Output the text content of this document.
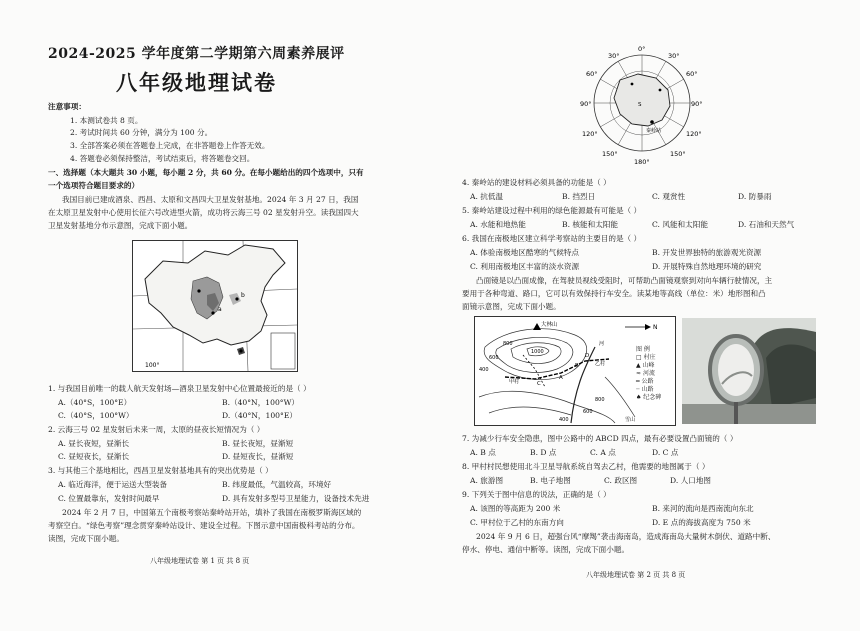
2024-2025 学年度第二学期第六周素养展评
八年级地理试卷
注意事项：
1. 本测试卷共 8 页。
2. 考试时间共 60 分钟，满分为 100 分。
3. 全部答案必须在答题卷上完成，在非答题卷上作答无效。
4. 答题卷必须保持整洁，考试结束后，将答题卷交回。
一、选择题（本大题共 30 小题，每小题 2 分，共 60 分。在每小题给出的四个选项中，只有
一个选项符合题目要求的）
我国目前已建成酒泉、西昌、太原和文昌四大卫星发射基地。2024 年 3 月 27 日，我国
在太原卫星发射中心使用长征六号改进型火箭，成功将云海三号 02 星发射升空。读我国四大
卫星发射基地分布示意图，完成下面小题。
100°
a
b
1. 与我国目前唯一的载人航天发射场—酒泉卫星发射中心位置最接近的是（ ）
A.（40°S，100°E）	B.（40°N，100°W）
C.（40°S，100°W）	D.（40°N，100°E）
2. 云海三号 02 星发射后未来一周，太原的昼夜长短情况为（ ）
A. 昼长夜短，昼渐长	B. 昼长夜短，昼渐短
C. 昼短夜长，昼渐长	D. 昼短夜长，昼渐短
3. 与其他三个基地相比，西昌卫星发射基地具有的突出优势是（ ）
A. 临近海洋，便于运送大型装备	B. 纬度最低，气温较高，环境好
C. 位置最靠东，发射时间最早	D. 具有发射多型号卫星能力，设备技术先进
2024 年 2 月 7 日，中国第五个南极考察站秦岭站开站，填补了我国在南极罗斯海区域的
考察空白。“绿色考察”理念贯穿秦岭站设计、建设全过程。下图示意中国南极科考站的分布。
读图，完成下面小题。
八年级地理试卷 第 1 页 共 8 页
0°
30°	30°
60°	60°
90°	90°
120°	120°
150°	150°
180°
S
秦岭站
4. 秦岭站的建设材料必须具备的功能是（ ）
A. 抗低温	B. 挡烈日	C. 观赏性	D. 防暴雨
5. 秦岭站建设过程中利用的绿色能源最有可能是（ ）
A. 水能和地热能	B. 核能和太阳能	C. 风能和太阳能	D. 石油和天然气
6. 我国在南极地区建立科学考察站的主要目的是（ ）
A. 体验南极地区酷寒的气候特点	B. 开发世界独特的旅游观光资源
C. 利用南极地区丰富的淡水资源	D. 开展特殊自然地理环境的研究
凸面镜是以凸面成像，在驾驶员视线受阻时，可帮助凸面镜观察到对向车辆行驶情况，主
要用于各种弯道、路口，它可以有效保持行车安全。读某地等高线（单位：米）地形图和凸
面镜示意图，完成下面小题。
大林山
1000
800
600
400
800
600
400
甲村
乙村
A
B
C
D
N
河
雪山
图 例
□ 村庄
▲ 山峰
≈ 河流
═ 公路
┈ 山路
♠ 纪念碑
7. 为减少行车安全隐患，图中公路中的 ABCD 四点，最有必要设置凸面镜的（ ）
A. B 点	B. D 点	C. A 点	D. C 点
8. 甲村村民想使用北斗卫星导航系统自驾去乙村，他需要的地图属于（ ）
A. 旅游图	B. 电子地图	C. 政区图	D. 人口地图
9. 下列关于图中信息的说法，正确的是（ ）
A. 该图的等高距为 200 米	B. 来河的流向是西南流向东北
C. 甲村位于乙村的东南方向	D. E 点的海拔高度为 750 米
2024 年 9 月 6 日，超强台风“摩羯”袭击海南岛，造成海南岛大量树木倒伏、道路中断、
停水、停电、通信中断等。读图，完成下面小题。
八年级地理试卷 第 2 页 共 8 页
